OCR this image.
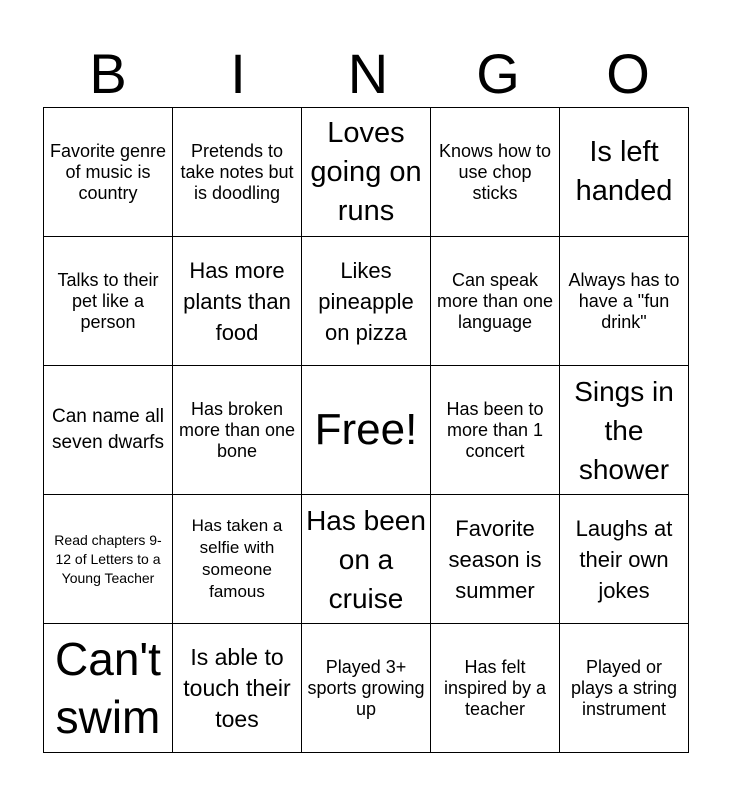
B	I	N	G	O
Favorite genre of music is country	Pretends to take notes but is doodling	Loves going on runs	Knows how to use chop sticks	Is left handed
Talks to their pet like a person	Has more plants than food	Likes pineapple on pizza	Can speak more than one language	Always has to have a "fun drink"
Can name all seven dwarfs	Has broken more than one bone	Free!	Has been to more than 1 concert	Sings in the shower
Read chapters 9-12 of Letters to a Young Teacher	Has taken a selfie with someone famous	Has been on a cruise	Favorite season is summer	Laughs at their own jokes
Can't swim	Is able to touch their toes	Played 3+ sports growing up	Has felt inspired by a teacher	Played or plays a string instrument
